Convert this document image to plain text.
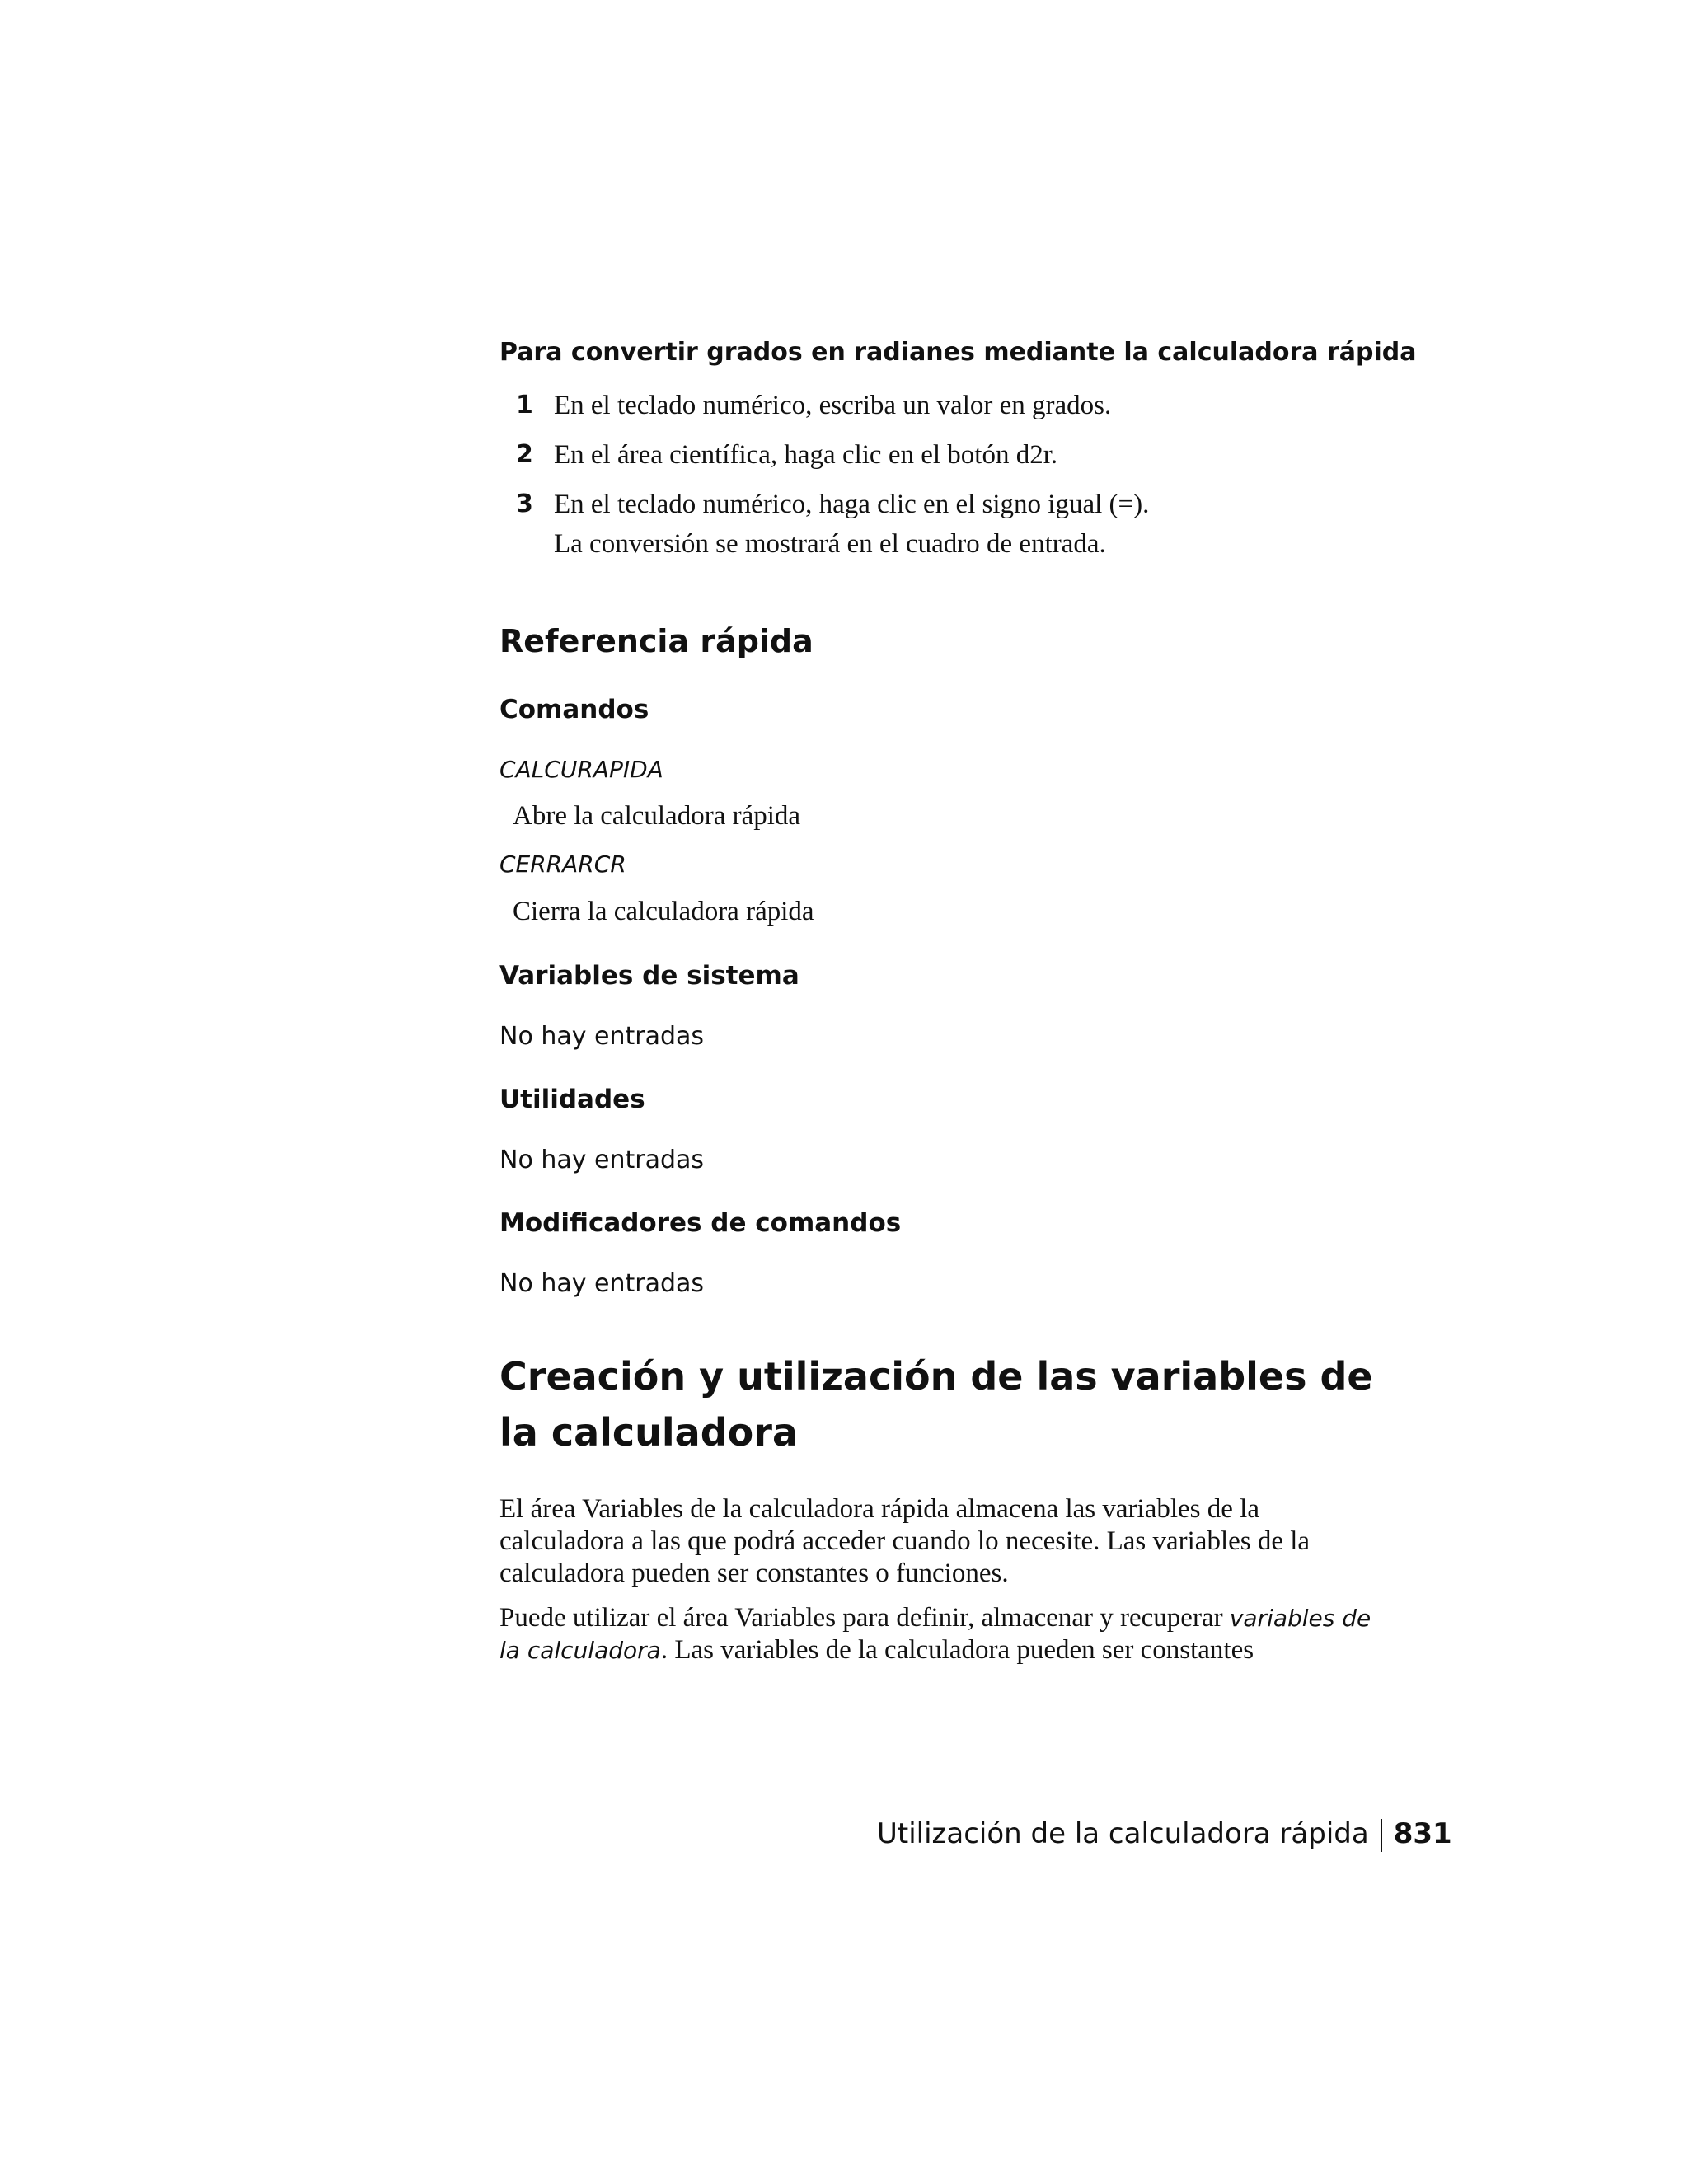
Para convertir grados en radianes mediante la calculadora rápida
1 En el teclado numérico, escriba un valor en grados.
2 En el área científica, haga clic en el botón d2r.
3 En el teclado numérico, haga clic en el signo igual (=).
La conversión se mostrará en el cuadro de entrada.
Referencia rápida
Comandos
CALCURAPIDA
Abre la calculadora rápida
CERRARCR
Cierra la calculadora rápida
Variables de sistema
No hay entradas
Utilidades
No hay entradas
Modificadores de comandos
No hay entradas
Creación y utilización de las variables de la calculadora

El área Variables de la calculadora rápida almacena las variables de la calculadora a las que podrá acceder cuando lo necesite. Las variables de la calculadora pueden ser constantes o funciones.

Puede utilizar el área Variables para definir, almacenar y recuperar variables de la calculadora. Las variables de la calculadora pueden ser constantes

Utilización de la calculadora rápida 831
